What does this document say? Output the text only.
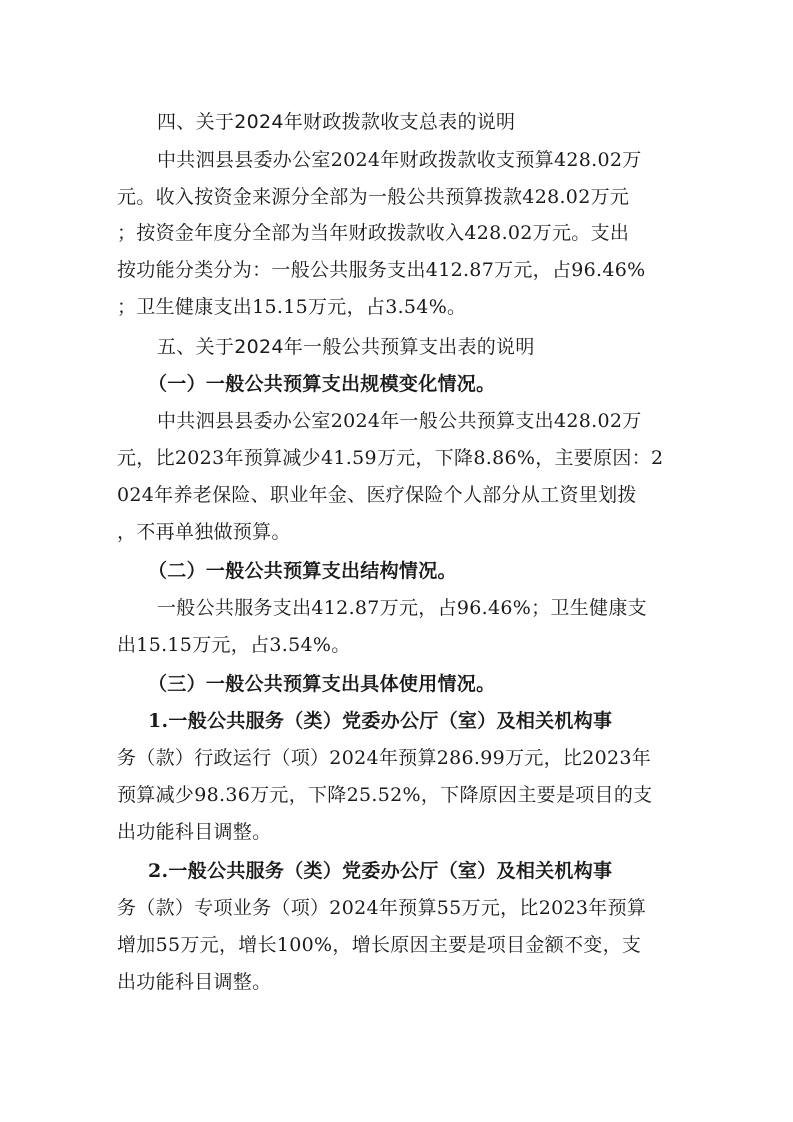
四、关于2024年财政拨款收支总表的说明
中共泗县县委办公室2024年财政拨款收支预算428.02万
元。收入按资金来源分全部为一般公共预算拨款428.02万元
；按资金年度分全部为当年财政拨款收入428.02万元。支出
按功能分类分为：一般公共服务支出412.87万元，占96.46%
；卫生健康支出15.15万元，占3.54%。
五、关于2024年一般公共预算支出表的说明
（一）一般公共预算支出规模变化情况。
中共泗县县委办公室2024年一般公共预算支出428.02万
元，比2023年预算减少41.59万元，下降8.86%，主要原因：2
024年养老保险、职业年金、医疗保险个人部分从工资里划拨
，不再单独做预算。
（二）一般公共预算支出结构情况。
一般公共服务支出412.87万元，占96.46%；卫生健康支
出15.15万元，占3.54%。
（三）一般公共预算支出具体使用情况。
1.一般公共服务（类）党委办公厅（室）及相关机构事
务（款）行政运行（项）2024年预算286.99万元，比2023年
预算减少98.36万元，下降25.52%，下降原因主要是项目的支
出功能科目调整。
2.一般公共服务（类）党委办公厅（室）及相关机构事
务（款）专项业务（项）2024年预算55万元，比2023年预算
增加55万元，增长100%，增长原因主要是项目金额不变，支
出功能科目调整。
